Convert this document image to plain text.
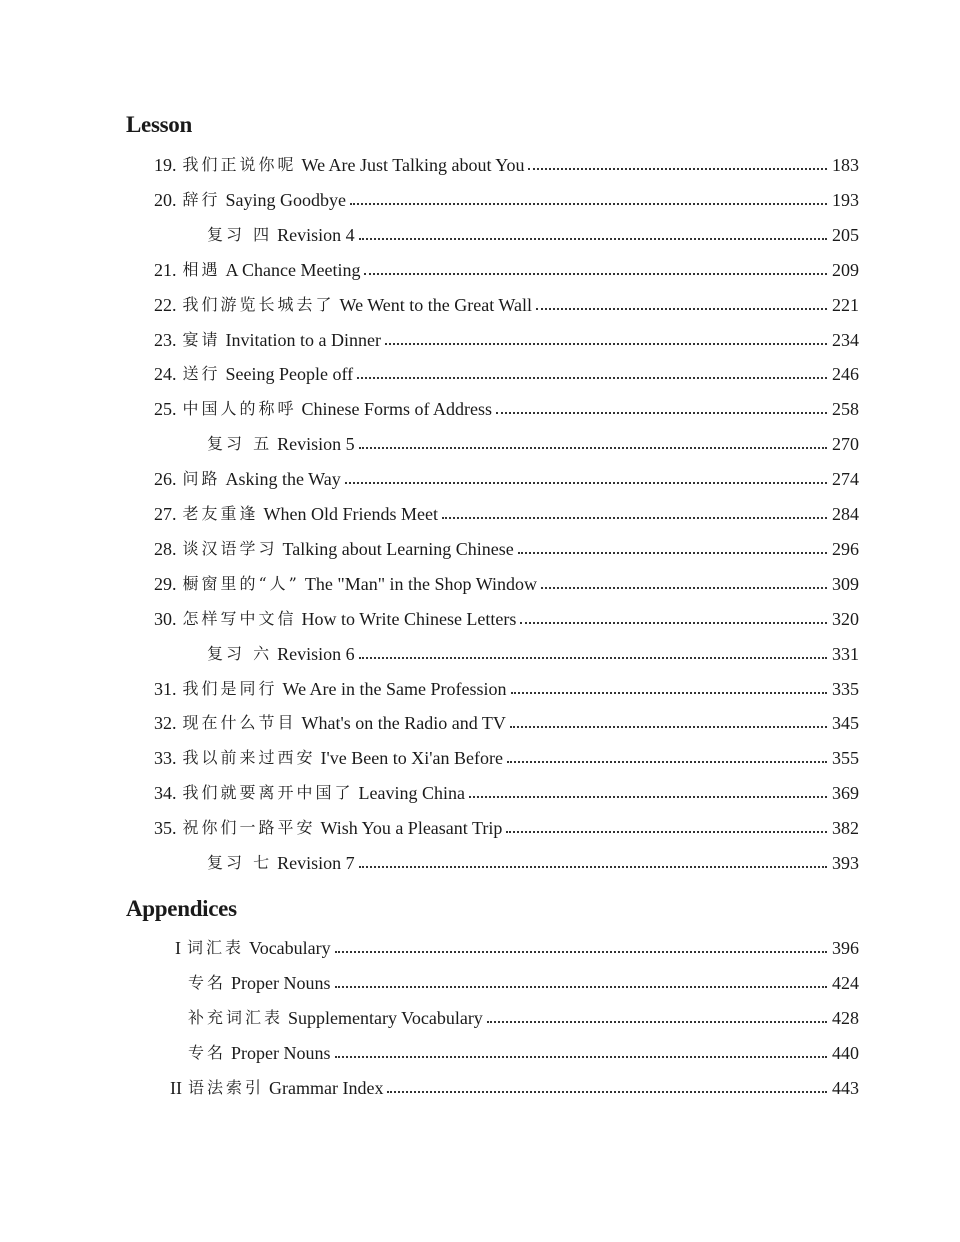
Lesson
19. 我们正说你呢 We Are Just Talking about You	183
20. 辞行 Saying Goodbye	193
复习 四 Revision 4	205
21. 相遇 A Chance Meeting	209
22. 我们游览长城去了 We Went to the Great Wall	221
23. 宴请 Invitation to a Dinner	234
24. 送行 Seeing People off	246
25. 中国人的称呼 Chinese Forms of Address	258
复习 五 Revision 5	270
26. 问路 Asking the Way	274
27. 老友重逢 When Old Friends Meet	284
28. 谈汉语学习 Talking about Learning Chinese	296
29. 橱窗里的“人” The "Man" in the Shop Window	309
30. 怎样写中文信 How to Write Chinese Letters	320
复习 六 Revision 6	331
31. 我们是同行 We Are in the Same Profession	335
32. 现在什么节目 What's on the Radio and TV	345
33. 我以前来过西安 I've Been to Xi'an Before	355
34. 我们就要离开中国了 Leaving China	369
35. 祝你们一路平安 Wish You a Pleasant Trip	382
复习 七 Revision 7	393
Appendices
I 词汇表 Vocabulary	396
专名 Proper Nouns	424
补充词汇表 Supplementary Vocabulary	428
专名 Proper Nouns	440
II 语法索引 Grammar Index	443
